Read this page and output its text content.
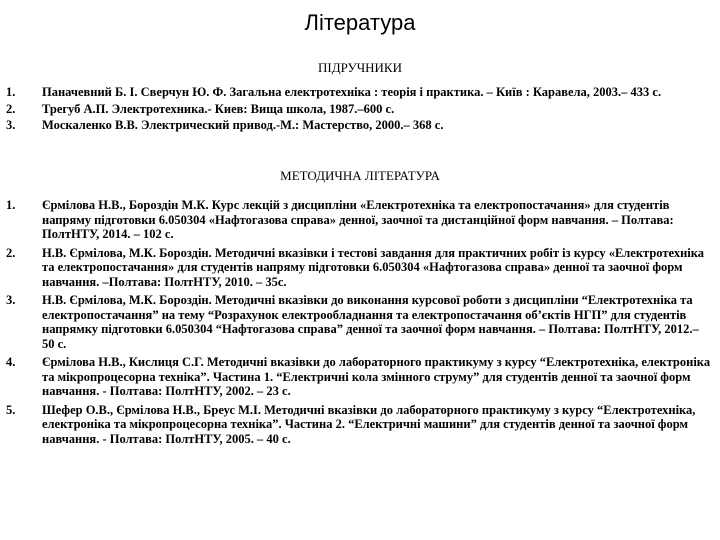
Література
ПІДРУЧНИКИ
1.	Паначевний Б. І. Сверчун Ю. Ф. Загальна електротехніка : теорія і практика. – Київ : Каравела, 2003.– 433 с.
2.	Трегуб А.П. Электротехника.- Киев: Вища школа, 1987.–600 с.
3.	Москаленко В.В. Электрический привод.-М.: Мастерство, 2000.– 368 с.
МЕТОДИЧНА ЛІТЕРАТУРА
1.	Єрмілова Н.В., Бороздін М.К. Курс лекцій з дисципліни «Електротехніка та електропостачання» для студентів напряму підготовки 6.050304 «Нафтогазова справа» денної, заочної та дистанційної форм навчання. – Полтава: ПолтНТУ, 2014. – 102 с.
2.	Н.В. Єрмілова, М.К. Бороздін. Методичні вказівки і тестові завдання для практичних робіт із курсу «Електротехніка та електропостачання» для студентів напряму підготовки 6.050304 «Нафтогазова справа» денної та заочної форм навчання. –Полтава: ПолтНТУ, 2010. – 35с.
3.	Н.В. Єрмілова, М.К. Бороздін. Методичні вказівки до виконання курсової роботи з дисципліни “Електротехніка та електропостачання” на тему “Розрахунок електрообладнання та електропостачання об’єктів НГП” для студентів напрямку підготовки 6.050304 “Нафтогазова справа” денної та заочної форм навчання. – Полтава: ПолтНТУ, 2012.– 50 с.
4.	Єрмілова Н.В., Кислиця С.Г. Методичні вказівки до лабораторного практикуму з курсу “Електротехніка, електроніка та мікропроцесорна техніка”. Частина 1. “Електричні кола змінного струму” для студентів денної та заочної форм навчання. - Полтава: ПолтНТУ, 2002. – 23 с.
5.	Шефер О.В., Єрмілова Н.В., Бреус М.І. Методичні вказівки до лабораторного практикуму з курсу “Електротехніка, електроніка та мікропроцесорна техніка”. Частина 2. “Електричні машини” для студентів денної та заочної форм навчання. - Полтава: ПолтНТУ, 2005. – 40 с.
